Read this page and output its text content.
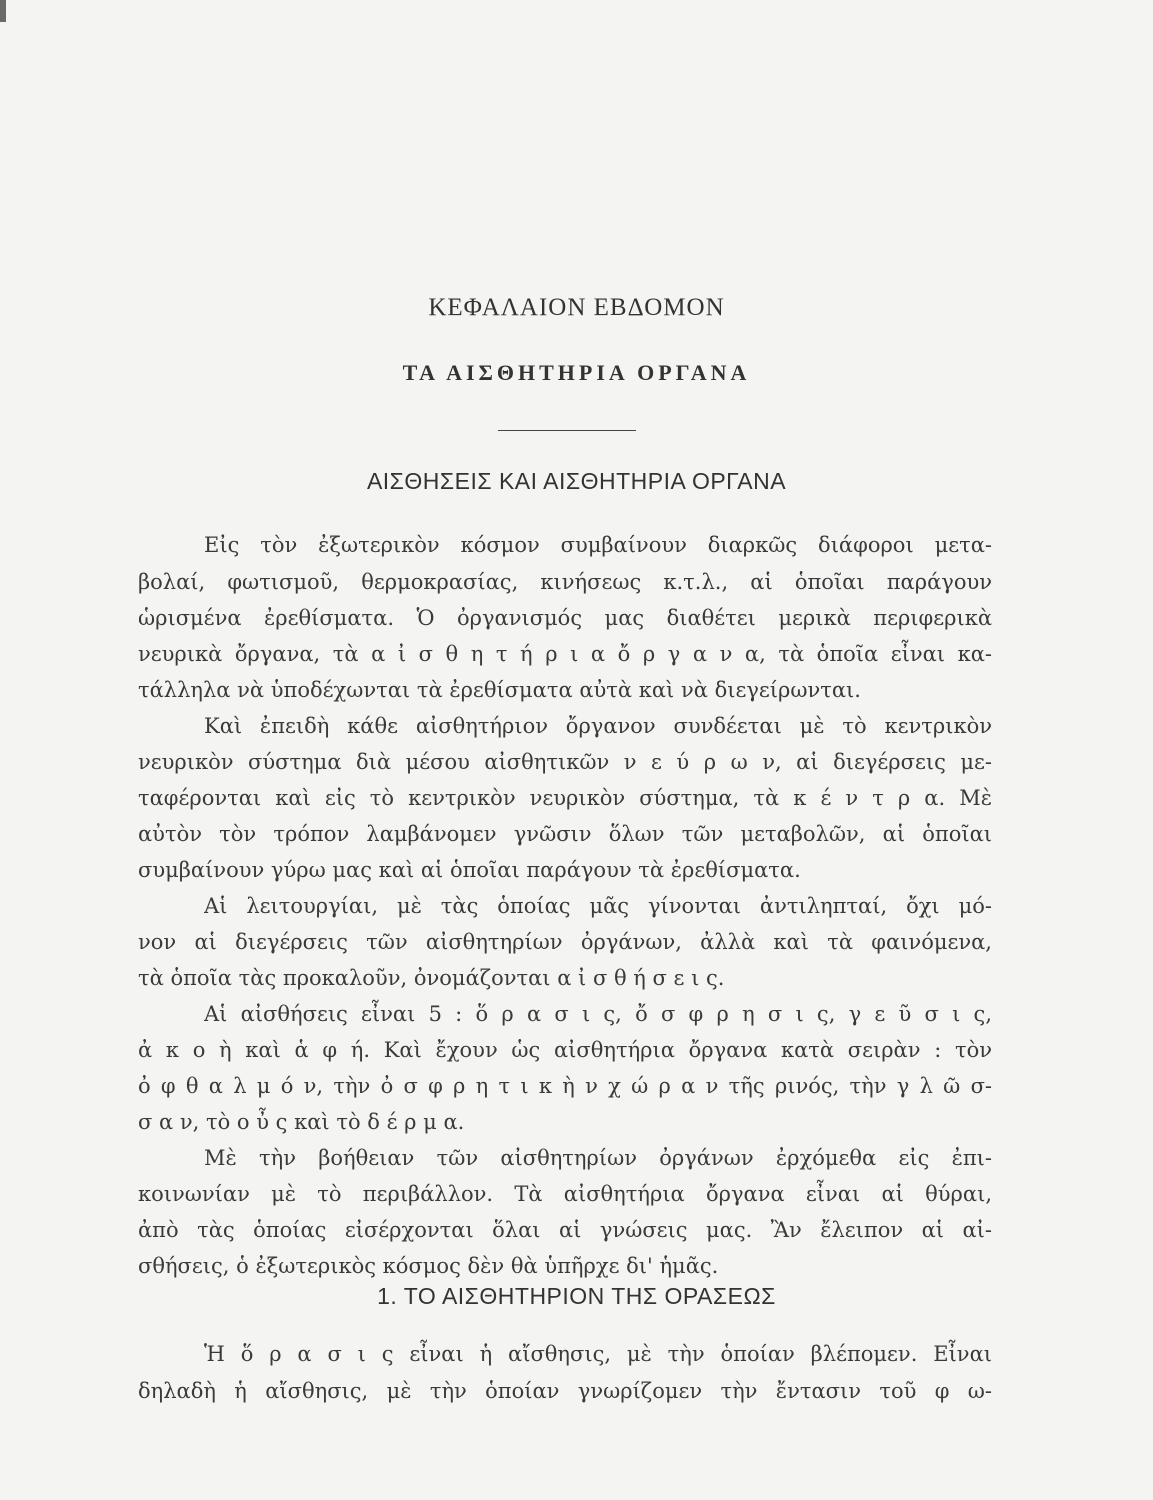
ΚΕΦΑΛΑΙΟΝ ΕΒΔΟΜΟΝ
ΤΑ ΑΙΣΘΗΤΗΡΙΑ ΟΡΓΑΝΑ
ΑΙΣΘΗΣΕΙΣ ΚΑΙ ΑΙΣΘΗΤΗΡΙΑ ΟΡΓΑΝΑ
Εἰς τὸν ἐξωτερικὸν κόσμον συμβαίνουν διαρκῶς διάφοροι μετα-
βολαί, φωτισμοῦ, θερμοκρασίας, κινήσεως κ.τ.λ., αἱ ὁποῖαι παράγουν
ὡρισμένα ἐρεθίσματα. Ὁ ὀργανισμός μας διαθέτει μερικὰ περιφερικὰ
νευρικὰ ὄργανα, τὰ α ἰ σ θ η τ ή ρ ι α ὄ ρ γ α ν α, τὰ ὁποῖα εἶναι κα-
τάλληλα νὰ ὑποδέχωνται τὰ ἐρεθίσματα αὐτὰ καὶ νὰ διεγείρωνται.
Καὶ ἐπειδὴ κάθε αἰσθητήριον ὄργανον συνδέεται μὲ τὸ κεντρικὸν
νευρικὸν σύστημα διὰ μέσου αἰσθητικῶν ν ε ύ ρ ω ν, αἱ διεγέρσεις με-
ταφέρονται καὶ εἰς τὸ κεντρικὸν νευρικὸν σύστημα, τὰ κ έ ν τ ρ α. Μὲ
αὐτὸν τὸν τρόπον λαμβάνομεν γνῶσιν ὅλων τῶν μεταβολῶν, αἱ ὁποῖαι
συμβαίνουν γύρω μας καὶ αἱ ὁποῖαι παράγουν τὰ ἐρεθίσματα.
Αἱ λειτουργίαι, μὲ τὰς ὁποίας μᾶς γίνονται ἀντιληπταί, ὄχι μό-
νον αἱ διεγέρσεις τῶν αἰσθητηρίων ὀργάνων, ἀλλὰ καὶ τὰ φαινόμενα,
τὰ ὁποῖα τὰς προκαλοῦν, ὀνομάζονται α ἰ σ θ ή σ ε ι ς.
Αἱ αἰσθήσεις εἶναι 5 : ὅ ρ α σ ι ς, ὄ σ φ ρ η σ ι ς, γ ε ῦ σ ι ς,
ἀ κ ο ὴ καὶ ἁ φ ή. Καὶ ἔχουν ὡς αἰσθητήρια ὄργανα κατὰ σειρὰν : τὸν
ὀ φ θ α λ μ ό ν, τὴν ὀ σ φ ρ η τ ι κ ὴ ν χ ώ ρ α ν τῆς ρινός, τὴν γ λ ῶ σ-
σ α ν, τὸ ο ὖ ς καὶ τὸ δ έ ρ μ α.
Μὲ τὴν βοήθειαν τῶν αἰσθητηρίων ὀργάνων ἐρχόμεθα εἰς ἐπι-
κοινωνίαν μὲ τὸ περιβάλλον. Τὰ αἰσθητήρια ὄργανα εἶναι αἱ θύραι,
ἀπὸ τὰς ὁποίας εἰσέρχονται ὅλαι αἱ γνώσεις μας. Ἂν ἔλειπον αἱ αἰ-
σθήσεις, ὁ ἐξωτερικὸς κόσμος δὲν θὰ ὑπῆρχε δι' ἡμᾶς.
1. ΤΟ ΑΙΣΘΗΤΗΡΙΟΝ ΤΗΣ ΟΡΑΣΕΩΣ
Ἡ ὅ ρ α σ ι ς εἶναι ἡ αἴσθησις, μὲ τὴν ὁποίαν βλέπομεν. Εἶναι
δηλαδὴ ἡ αἴσθησις, μὲ τὴν ὁποίαν γνωρίζομεν τὴν ἔντασιν τοῦ φ ω-
